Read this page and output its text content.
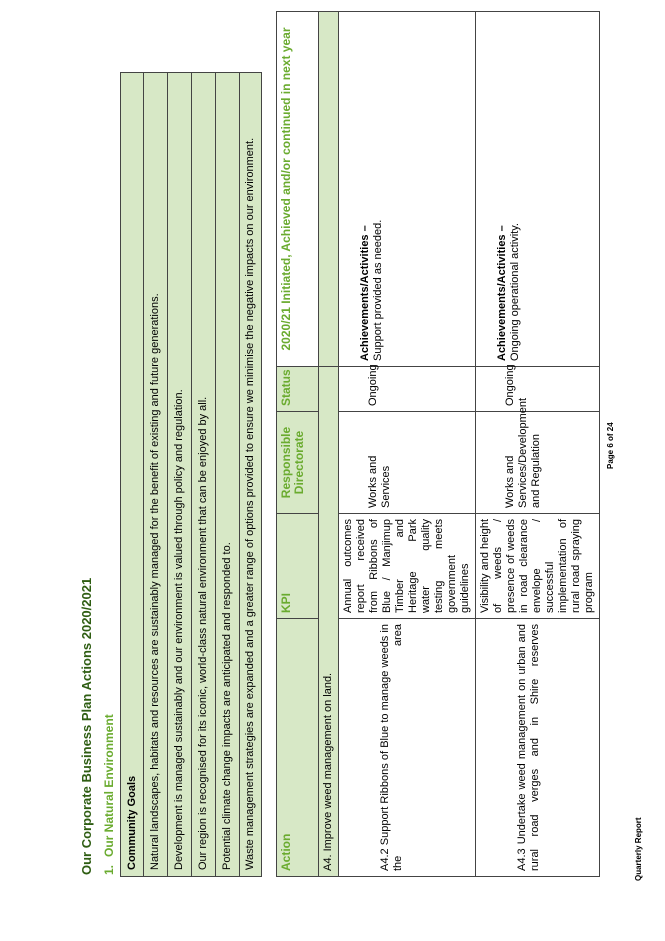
Our Corporate Business Plan Actions 2020/2021 1.Our Natural Environment Community Goals
Natural landscapes, habitats and resources are sustainably managed for the benefit of existing and future generations.
Development is managed sustainably and our environment is valued through policy and regulation.
Our region is recognised for its iconic, world-class natural environment that can be enjoyed by all.
Potential climate change impacts are anticipated and responded to.
Waste management strategies are expanded and a greater range of options provided to ensure we minimise the negative impacts on our environment. Action	KPI	Responsible Directorate	Status	2020/21 Initiated, Achieved and/or continued in next year
A4. Improve weed management on land.				
A4.2 Support Ribbons of Blue to manage weeds in the area	Annual outcomes report received from Ribbons of Blue / Manjimup Timber and Heritage Park water quality testing meets government guidelines	Works and Services	Ongoing	Achievements/Activities – Support provided as needed.
A4.3 Undertake weed management on urban and rural road verges and in Shire reserves	Visibility and height of weeds / presence of weeds in road clearance envelope / successful implementation of rural road spraying program	Works and Services/Development and Regulation	Ongoing	Achievements/Activities – Ongoing operational activity.
Quarterly Report
Page 6 of 24
